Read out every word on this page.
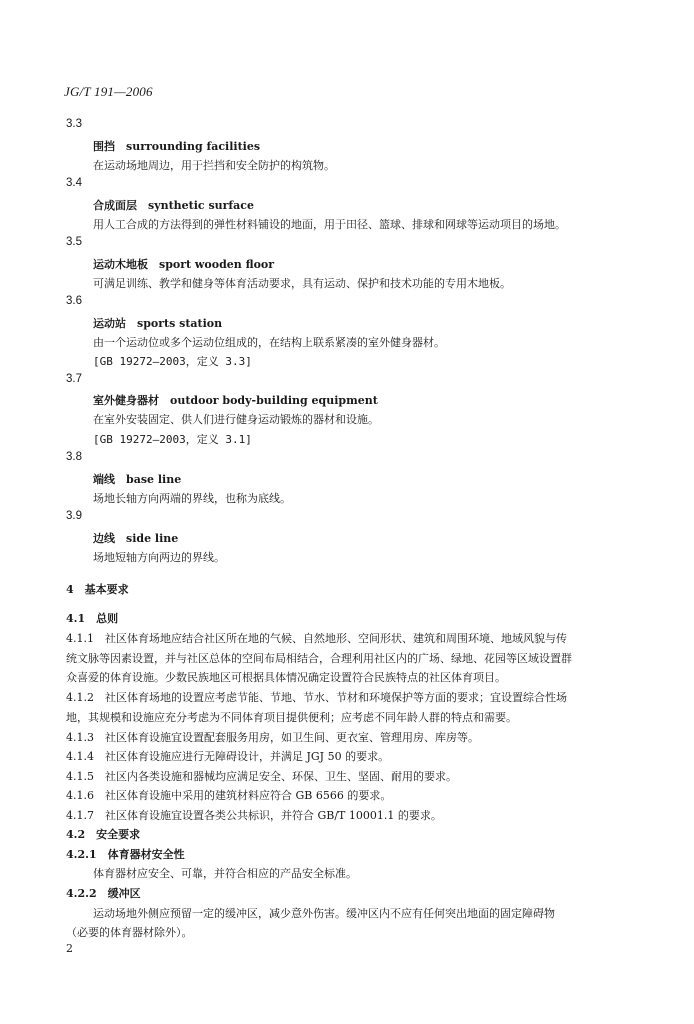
JG/T 191—2006
3.3
围挡　surrounding facilities
在运动场地周边，用于拦挡和安全防护的构筑物。
3.4
合成面层　synthetic surface
用人工合成的方法得到的弹性材料铺设的地面，用于田径、篮球、排球和网球等运动项目的场地。
3.5
运动木地板　sport wooden floor
可满足训练、教学和健身等体育活动要求，具有运动、保护和技术功能的专用木地板。
3.6
运动站　sports station
由一个运动位或多个运动位组成的，在结构上联系紧凑的室外健身器材。
[GB 19272—2003，定义 3.3]
3.7
室外健身器材　outdoor body-building equipment
在室外安装固定、供人们进行健身运动锻炼的器材和设施。
[GB 19272—2003，定义 3.1]
3.8
端线　base line
场地长轴方向两端的界线，也称为底线。
3.9
边线　side line
场地短轴方向两边的界线。
4　基本要求
4.1　总则
4.1.1　社区体育场地应结合社区所在地的气候、自然地形、空间形状、建筑和周围环境、地域风貌与传
统文脉等因素设置，并与社区总体的空间布局相结合，合理利用社区内的广场、绿地、花园等区域设置群
众喜爱的体育设施。少数民族地区可根据具体情况确定设置符合民族特点的社区体育项目。
4.1.2　社区体育场地的设置应考虑节能、节地、节水、节材和环境保护等方面的要求；宜设置综合性场
地，其规模和设施应充分考虑为不同体育项目提供便利；应考虑不同年龄人群的特点和需要。
4.1.3　社区体育设施宜设置配套服务用房，如卫生间、更衣室、管理用房、库房等。
4.1.4　社区体育设施应进行无障碍设计，并满足 JGJ 50 的要求。
4.1.5　社区内各类设施和器械均应满足安全、环保、卫生、坚固、耐用的要求。
4.1.6　社区体育设施中采用的建筑材料应符合 GB 6566 的要求。
4.1.7　社区体育设施宜设置各类公共标识，并符合 GB/T 10001.1 的要求。
4.2　安全要求
4.2.1　体育器材安全性
体育器材应安全、可靠，并符合相应的产品安全标准。
4.2.2　缓冲区
运动场地外侧应预留一定的缓冲区，减少意外伤害。缓冲区内不应有任何突出地面的固定障碍物
（必要的体育器材除外）。
2
